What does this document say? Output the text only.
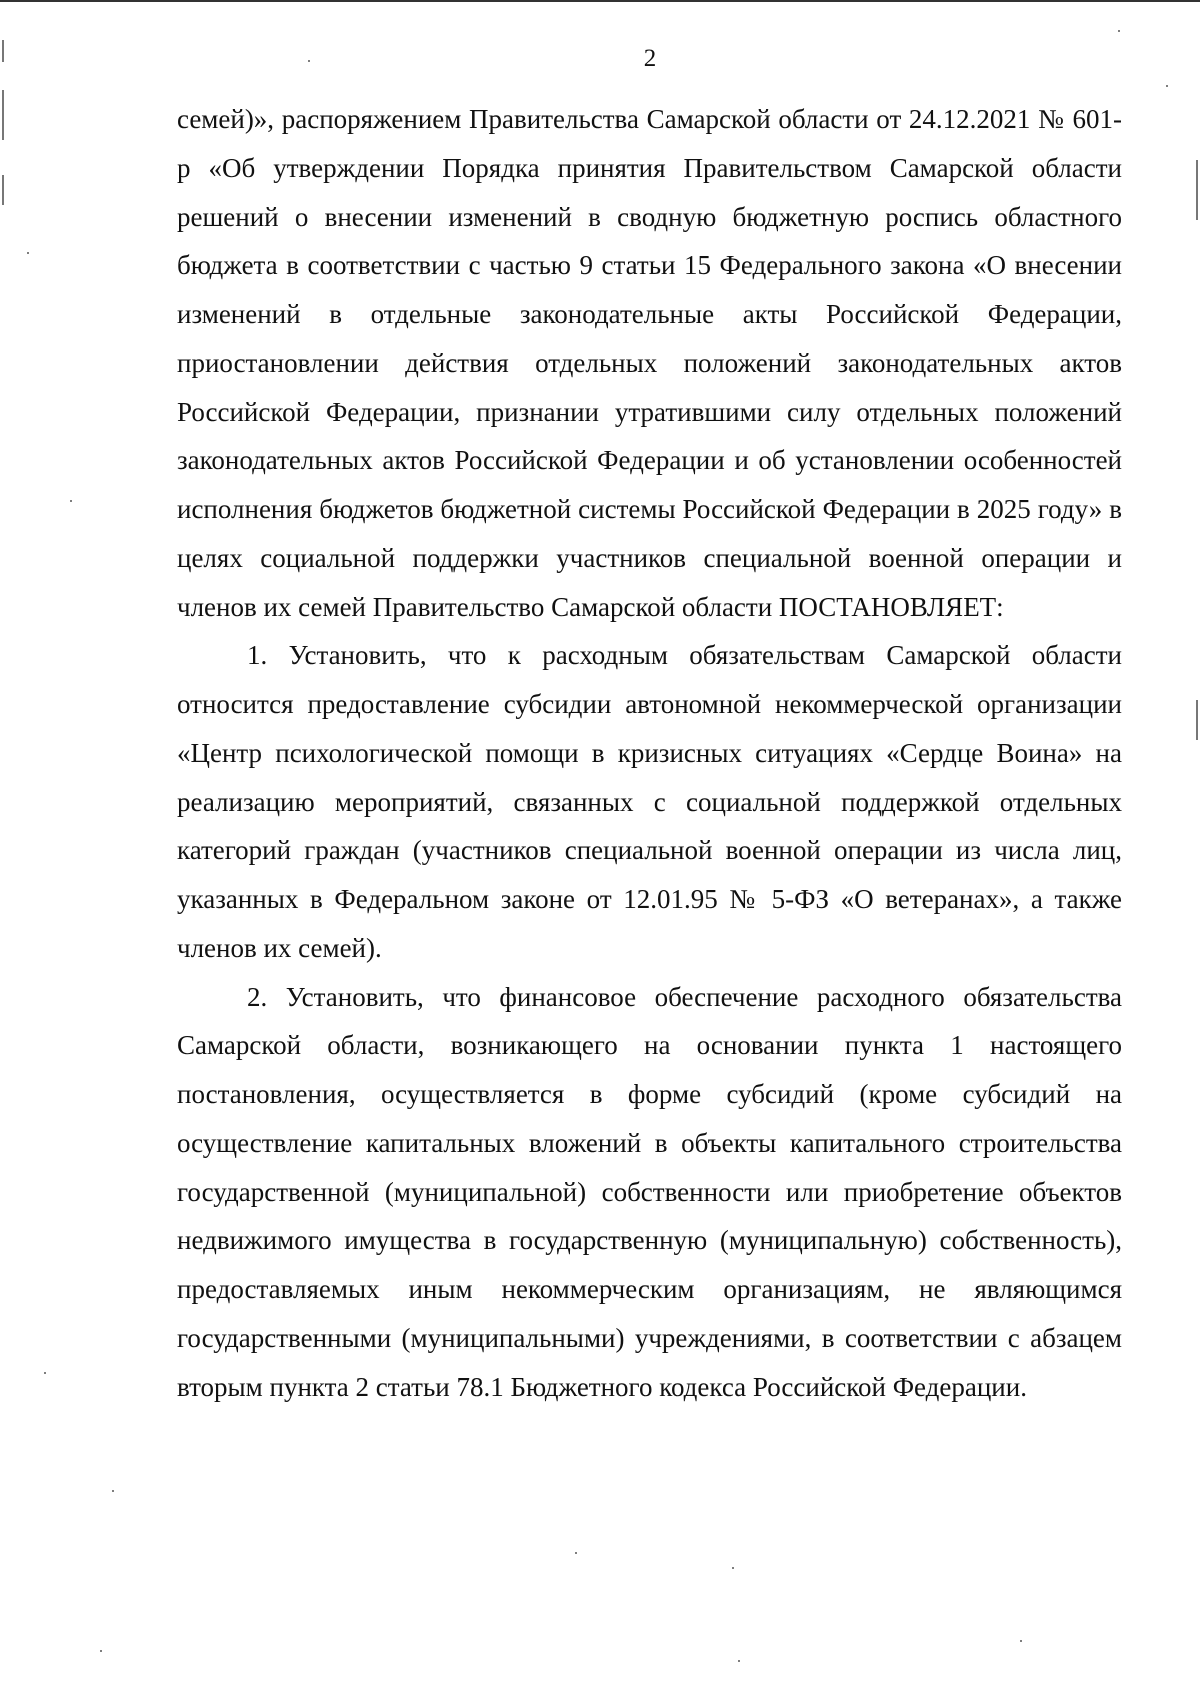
2

семей)», распоряжением Правительства Самарской области от 24.12.2021 № 601-р «Об утверждении Порядка принятия Правительством Самарской области решений о внесении изменений в сводную бюджетную роспись областного бюджета в соответствии с частью 9 статьи 15 Федерального закона «О внесении изменений в отдельные законодательные акты Российской Федерации, приостановлении действия отдельных положений законодательных актов Российской Федерации, признании утратившими силу отдельных положений законодательных актов Российской Федерации и об установлении особенностей исполнения бюджетов бюджетной системы Российской Федерации в 2025 году» в целях социальной поддержки участников специальной военной операции и членов их семей Правительство Самарской области ПОСТАНОВЛЯЕТ:

1. Установить, что к расходным обязательствам Самарской области относится предоставление субсидии автономной некоммерческой организации «Центр психологической помощи в кризисных ситуациях «Сердце Воина» на реализацию мероприятий, связанных с социальной поддержкой отдельных категорий граждан (участников специальной военной операции из числа лиц, указанных в Федеральном законе от 12.01.95 № 5-ФЗ «О ветеранах», а также членов их семей).

2. Установить, что финансовое обеспечение расходного обязательства Самарской области, возникающего на основании пункта 1 настоящего постановления, осуществляется в форме субсидий (кроме субсидий на осуществление капитальных вложений в объекты капитального строительства государственной (муниципальной) собственности или приобретение объектов недвижимого имущества в государственную (муниципальную) собственность), предоставляемых иным некоммерческим организациям, не являющимся государственными (муниципальными) учреждениями, в соответствии с абзацем вторым пункта 2 статьи 78.1 Бюджетного кодекса Российской Федерации.
